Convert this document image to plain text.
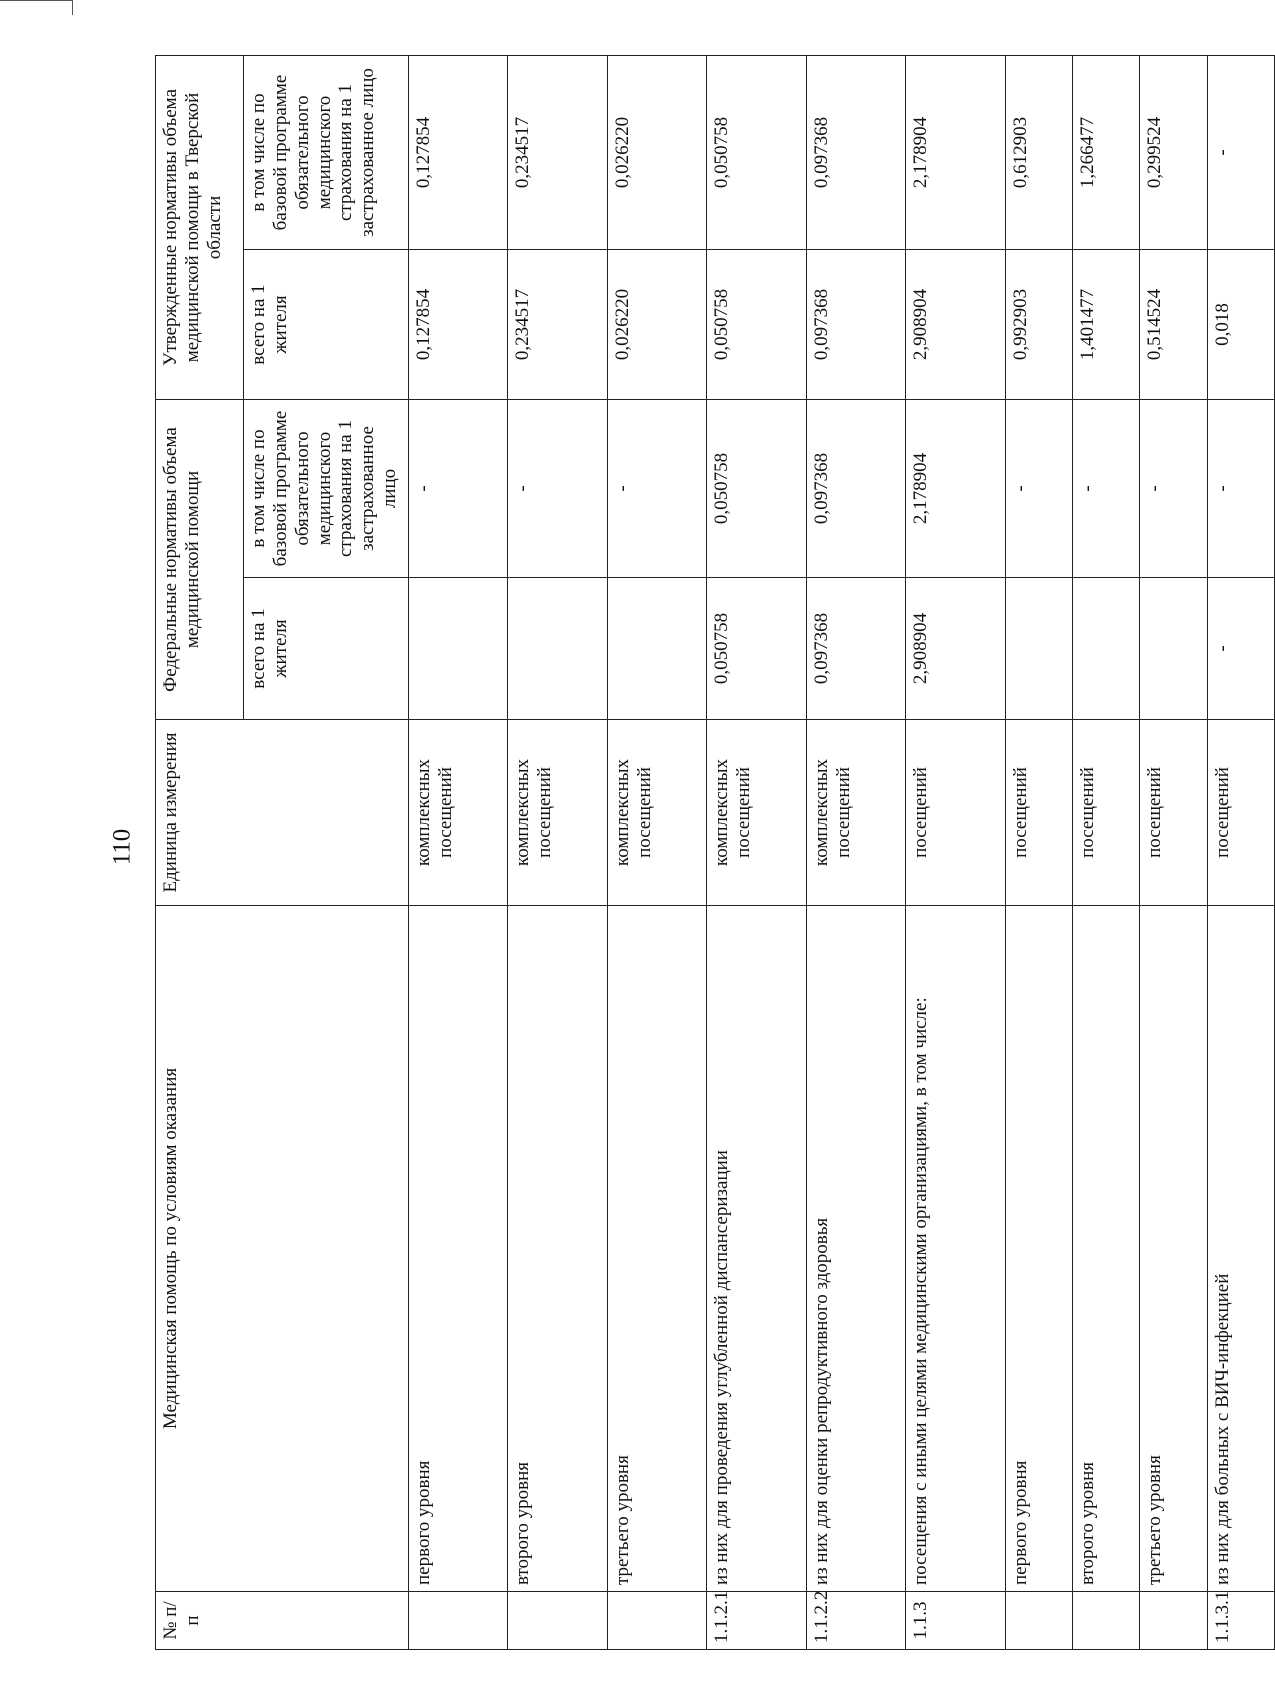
110
№ п/п	Медицинская помощь по условиям оказания	Единица измерения	Федеральные нормативы объема медицинской помощи		Утвержденные нормативы объема медицинской помощи в Тверской области	
			всего на 1 жителя	в том числе по базовой программе обязательного медицинского страхования на 1 застрахованное лицо	всего на 1 жителя	в том числе по базовой программе обязательного медицинского страхования на 1 застрахованное лицо
	первого уровня	комплексных посещений		-	0,127854	0,127854
	второго уровня	комплексных посещений		-	0,234517	0,234517
	третьего уровня	комплексных посещений		-	0,026220	0,026220
1.1.2.1	из них для проведения углубленной диспансеризации	комплексных посещений	0,050758	0,050758	0,050758	0,050758
1.1.2.2	из них для оценки репродуктивного здоровья	комплексных посещений	0,097368	0,097368	0,097368	0,097368
1.1.3	посещения с иными целями медицинскими организациями, в том числе:	посещений	2,908904	2,178904	2,908904	2,178904
	первого уровня	посещений		-	0,992903	0,612903
	второго уровня	посещений		-	1,401477	1,266477
	третьего уровня	посещений		-	0,514524	0,299524
1.1.3.1	из них для больных с ВИЧ-инфекцией	посещений	-	-	0,018	-
